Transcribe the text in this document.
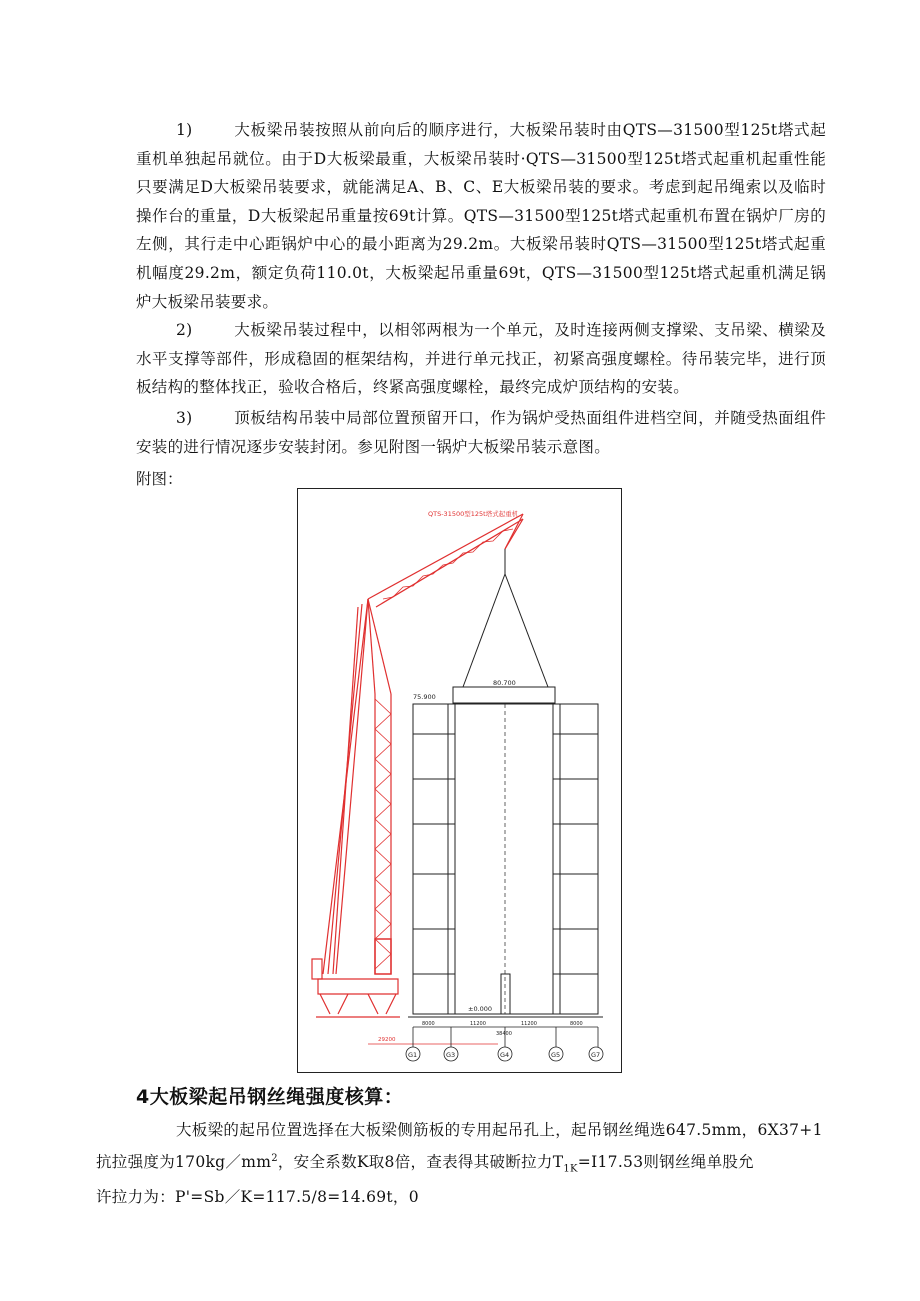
1)	大板梁吊装按照从前向后的顺序进行，大板梁吊装时由QTS—31500型125t塔式起重机单独起吊就位。由于D大板梁最重，大板梁吊装时·QTS—31500型125t塔式起重机起重性能只要满足D大板梁吊装要求，就能满足A、B、C、E大板梁吊装的要求。考虑到起吊绳索以及临时操作台的重量，D大板梁起吊重量按69t计算。QTS—31500型125t塔式起重机布置在锅炉厂房的左侧，其行走中心距锅炉中心的最小距离为29.2m。大板梁吊装时QTS—31500型125t塔式起重机幅度29.2m，额定负荷110.0t，大板梁起吊重量69t，QTS—31500型125t塔式起重机满足锅炉大板梁吊装要求。

2)	大板梁吊装过程中，以相邻两根为一个单元，及时连接两侧支撑梁、支吊梁、横梁及水平支撑等部件，形成稳固的框架结构，并进行单元找正，初紧高强度螺栓。待吊装完毕，进行顶板结构的整体找正，验收合格后，终紧高强度螺栓，最终完成炉顶结构的安装。

3)	顶板结构吊装中局部位置预留开口，作为锅炉受热面组件进档空间，并随受热面组件安装的进行情况逐步安装封闭。参见附图一锅炉大板梁吊装示意图。

附图：

QTS-31500型125t塔式起重机
29200
80.700
75.900
±0.000
8000	11200	11200	8000
38400
G1	G3	G4	G5	G7

4大板梁起吊钢丝绳强度核算：

大板梁的起吊位置选择在大板梁侧筋板的专用起吊孔上，起吊钢丝绳选647.5mm，6X37+1
抗拉强度为$170kg/mm^2$，安全系数K取8倍，查表得其破断拉力$T_{1K}=I17.53$则钢丝绳单股允
许拉力为：P'=Sb／K=117.5/8=14.69t，0
